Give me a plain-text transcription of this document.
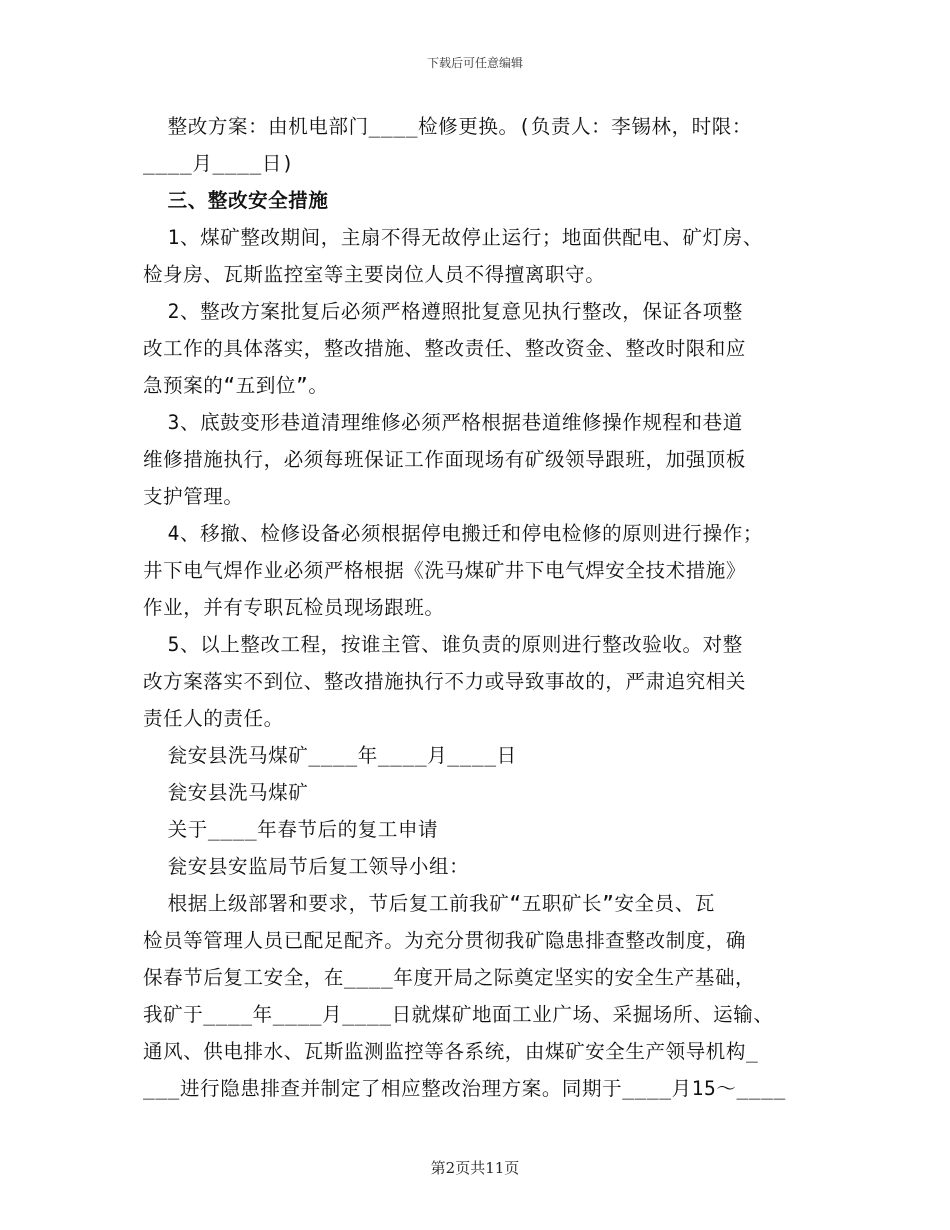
下载后可任意编辑
整改方案：由机电部门____检修更换。(负责人：李锡林，时限：
____月____日)
三、整改安全措施
1、煤矿整改期间，主扇不得无故停止运行；地面供配电、矿灯房、
检身房、瓦斯监控室等主要岗位人员不得擅离职守。
2、整改方案批复后必须严格遵照批复意见执行整改，保证各项整
改工作的具体落实，整改措施、整改责任、整改资金、整改时限和应
急预案的“五到位”。
3、底鼓变形巷道清理维修必须严格根据巷道维修操作规程和巷道
维修措施执行，必须每班保证工作面现场有矿级领导跟班，加强顶板
支护管理。
4、移撤、检修设备必须根据停电搬迁和停电检修的原则进行操作；
井下电气焊作业必须严格根据《洗马煤矿井下电气焊安全技术措施》
作业，并有专职瓦检员现场跟班。
5、以上整改工程，按谁主管、谁负责的原则进行整改验收。对整
改方案落实不到位、整改措施执行不力或导致事故的，严肃追究相关
责任人的责任。
瓮安县洗马煤矿____年____月____日
瓮安县洗马煤矿
关于____年春节后的复工申请
瓮安县安监局节后复工领导小组：
根据上级部署和要求，节后复工前我矿“五职矿长”安全员、瓦
检员等管理人员已配足配齐。为充分贯彻我矿隐患排查整改制度，确
保春节后复工安全，在____年度开局之际奠定坚实的安全生产基础，
我矿于____年____月____日就煤矿地面工业广场、采掘场所、运输、
通风、供电排水、瓦斯监测监控等各系统，由煤矿安全生产领导机构_
___进行隐患排查并制定了相应整改治理方案。同期于____月15～____
第2页共11页
